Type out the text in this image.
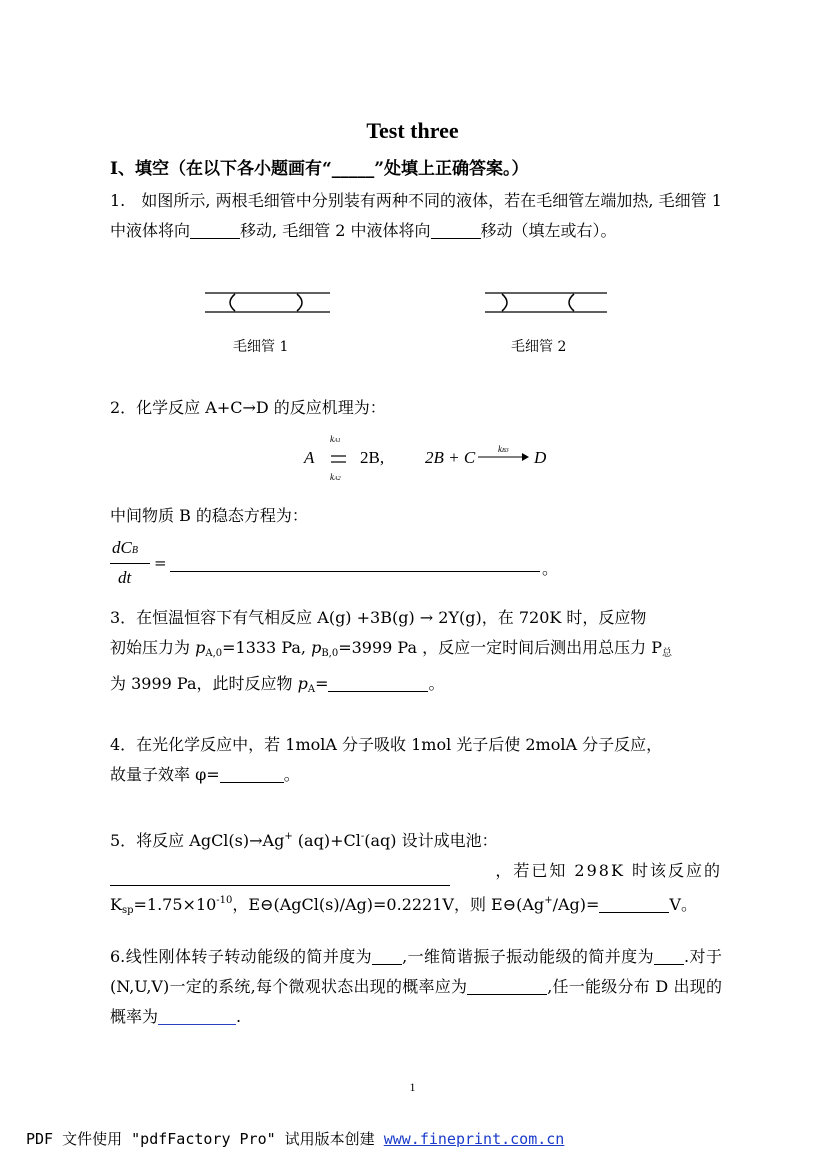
Test three
I、填空（在以下各小题画有“_____”处填上正确答案。）
1.　如图所示, 两根毛细管中分别装有两种不同的液体，若在毛细管左端加热, 毛细管 1 中液体将向	移动, 毛细管 2 中液体将向	移动（填左或右）。
毛细管 1	毛细管 2
2．化学反应 A+C→D 的反应机理为：
A
kA1
kA2
2B, 2B + C	kB3 → D
中间物质 B 的稳态方程为：
dCB
dt
=	。
3．在恒温恒容下有气相反应 A(g) +3B(g) → 2Y(g)，在 720K 时，反应物
初始压力为 $p_{A,0}=1333$ Pa, $p_{B,0}=3999$ Pa ，反应一定时间后测出用总压力 $P_总$
为 3999 Pa，此时反应物 $p_A=$	。
4．在光化学反应中，若 1molA 分子吸收 1mol 光子后使 2molA 分子反应，
故量子效率 φ=	。
5．将反应 AgCl(s)→Ag+ (aq)+Cl-(aq) 设计成电池：
，若已知 298K 时该反应的
$K_{sp}=1.75\times 10^{-10}$，E⊖(AgCl(s)/Ag)=0.2221V，则 E⊖(Ag+/Ag)=	V。
6.线性刚体转子转动能级的简并度为 ,一维简谐振子振动能级的简并度为 .对于(N,U,V)一定的系统,每个微观状态出现的概率应为	,任一能级分布 D 出现的概率为	.
1
PDF 文件使用 "pdfFactory Pro" 试用版本创建 www.fineprint.com.cn
